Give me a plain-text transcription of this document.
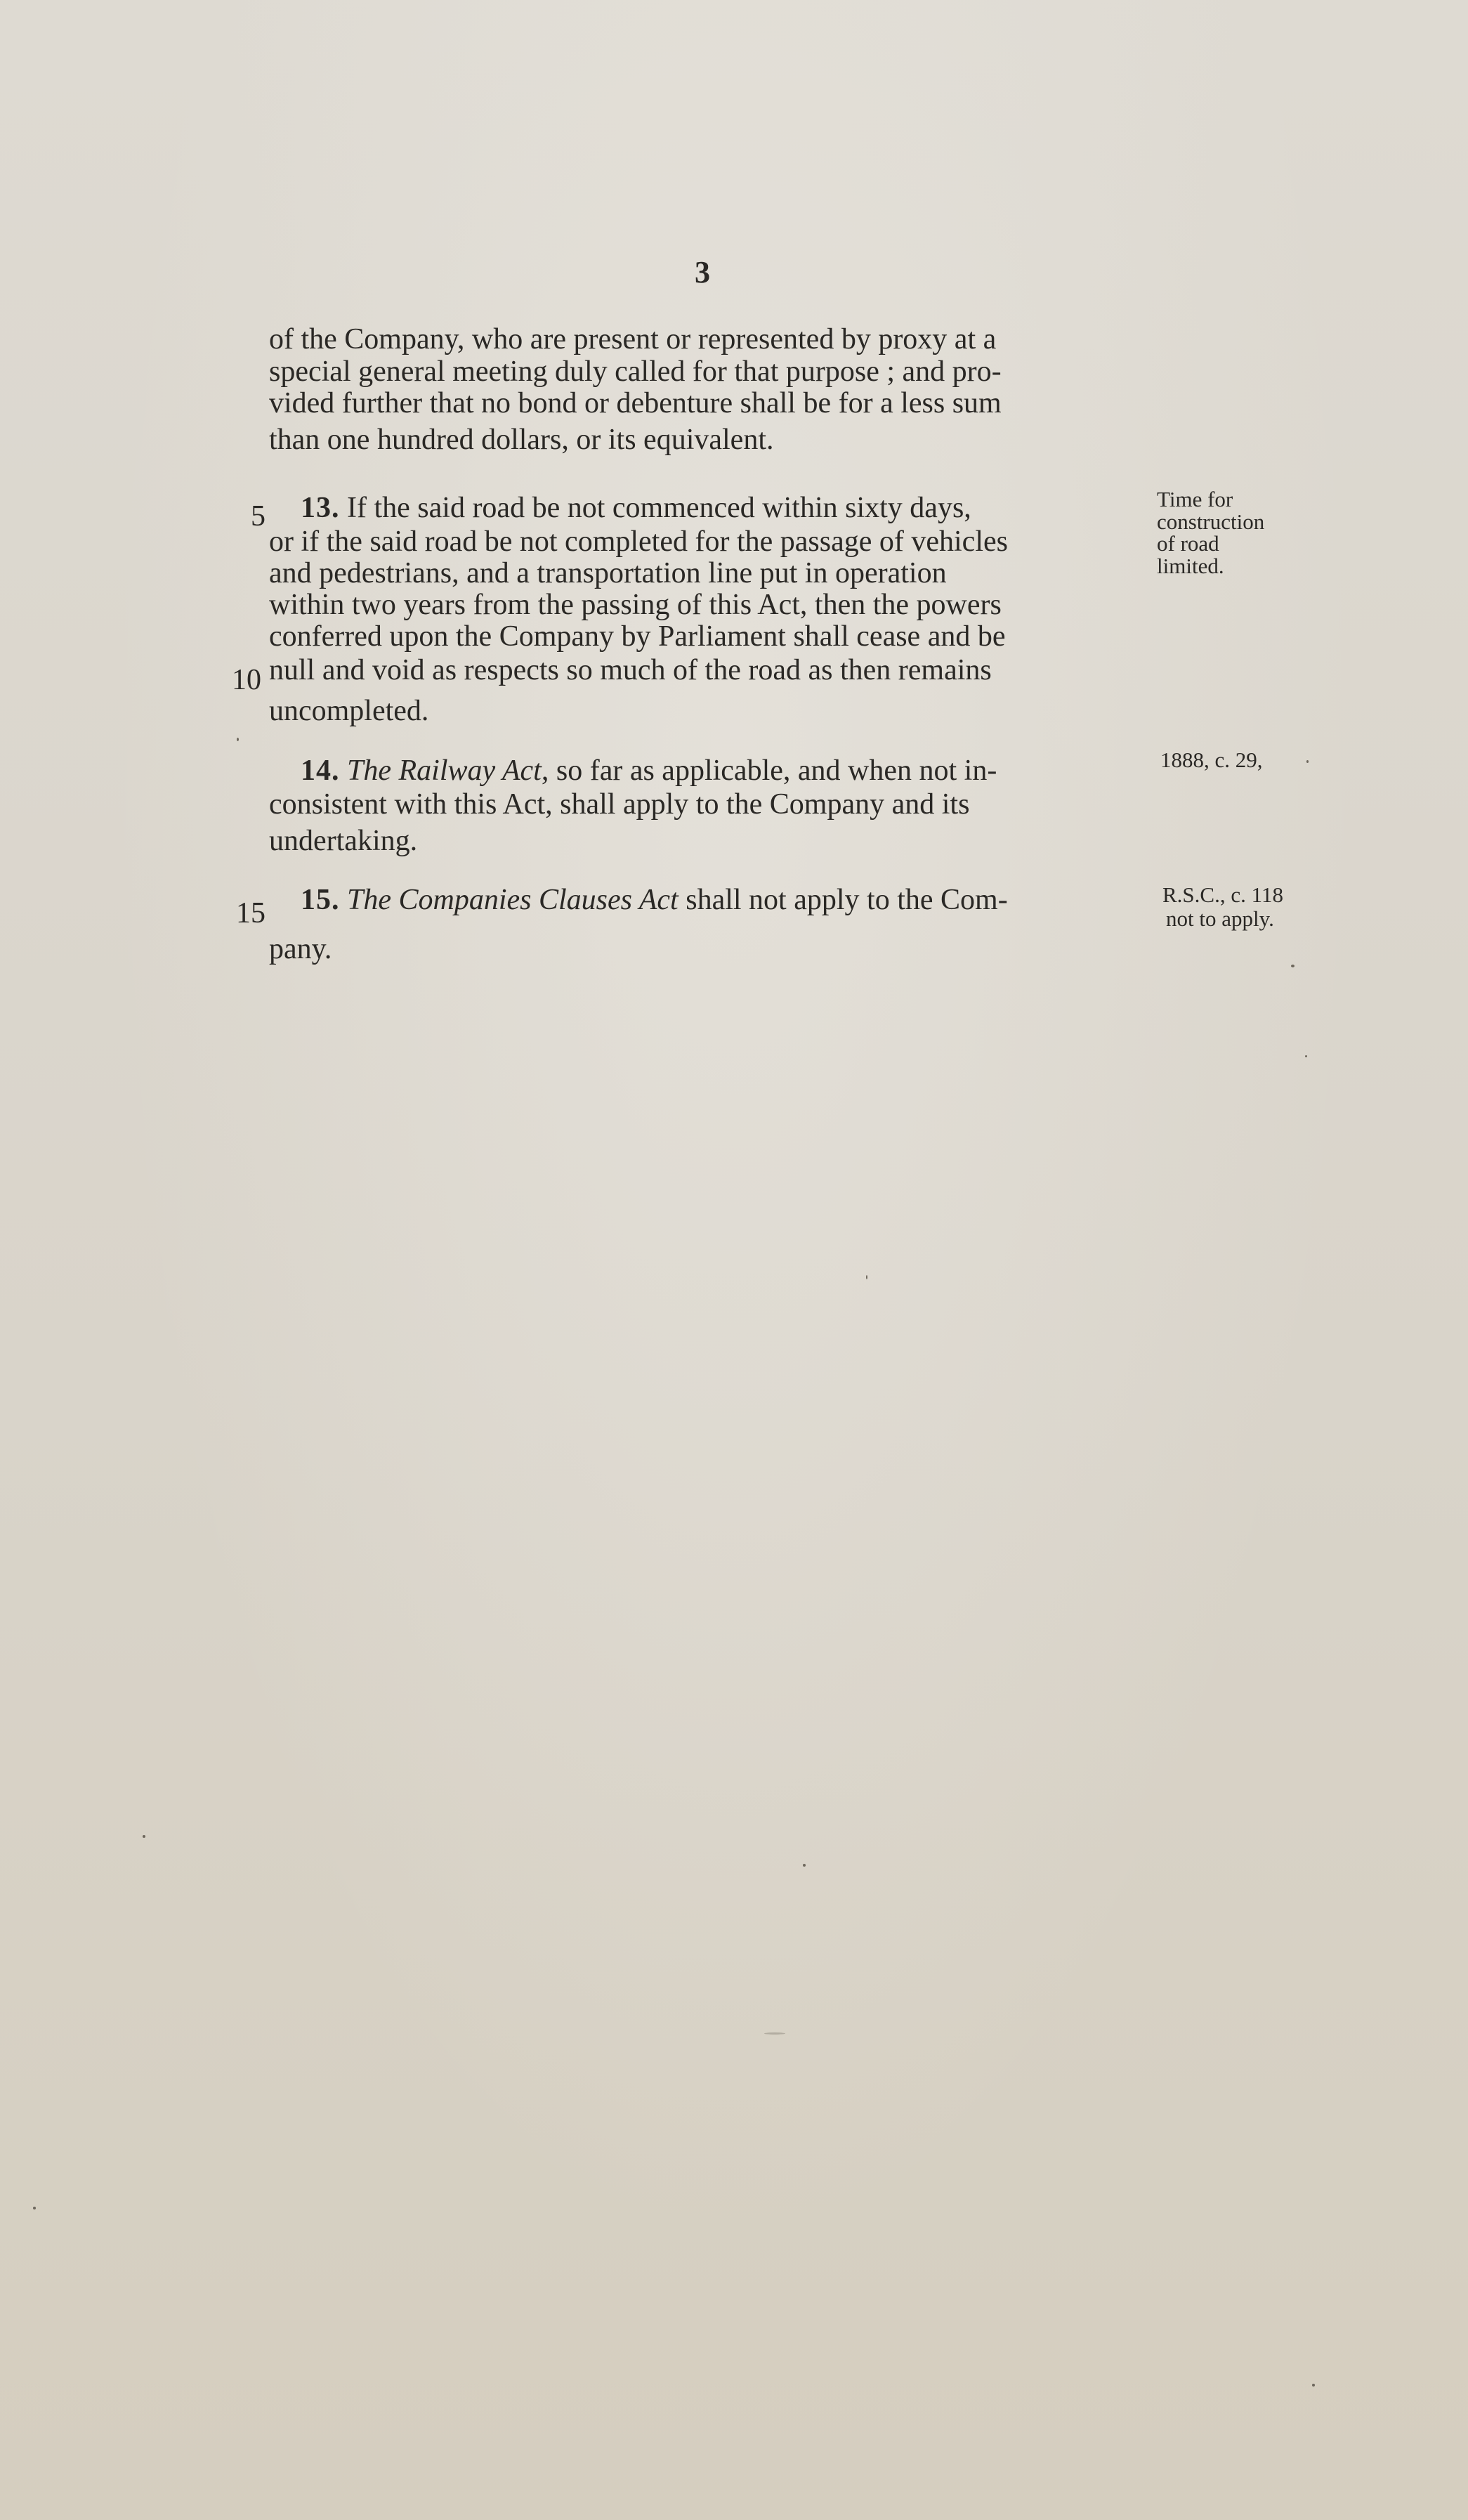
3
of the Company, who are present or represented by proxy at a
special general meeting duly called for that purpose ; and pro-
vided further that no bond or debenture shall be for a less sum
than one hundred dollars, or its equivalent.
5 13. If the said road be not commenced within sixty days,
or if the said road be not completed for the passage of vehicles
and pedestrians, and a transportation line put in operation
within two years from the passing of this Act, then the powers
conferred upon the Company by Parliament shall cease and be
10 null and void as respects so much of the road as then remains
uncompleted.
Time for
construction
of road
limited.
14. The Railway Act, so far as applicable, and when not in-
consistent with this Act, shall apply to the Company and its
undertaking.
1888, c. 29,
15 15. The Companies Clauses Act shall not apply to the Com-
pany.
R.S.C., c. 118
not to apply.
